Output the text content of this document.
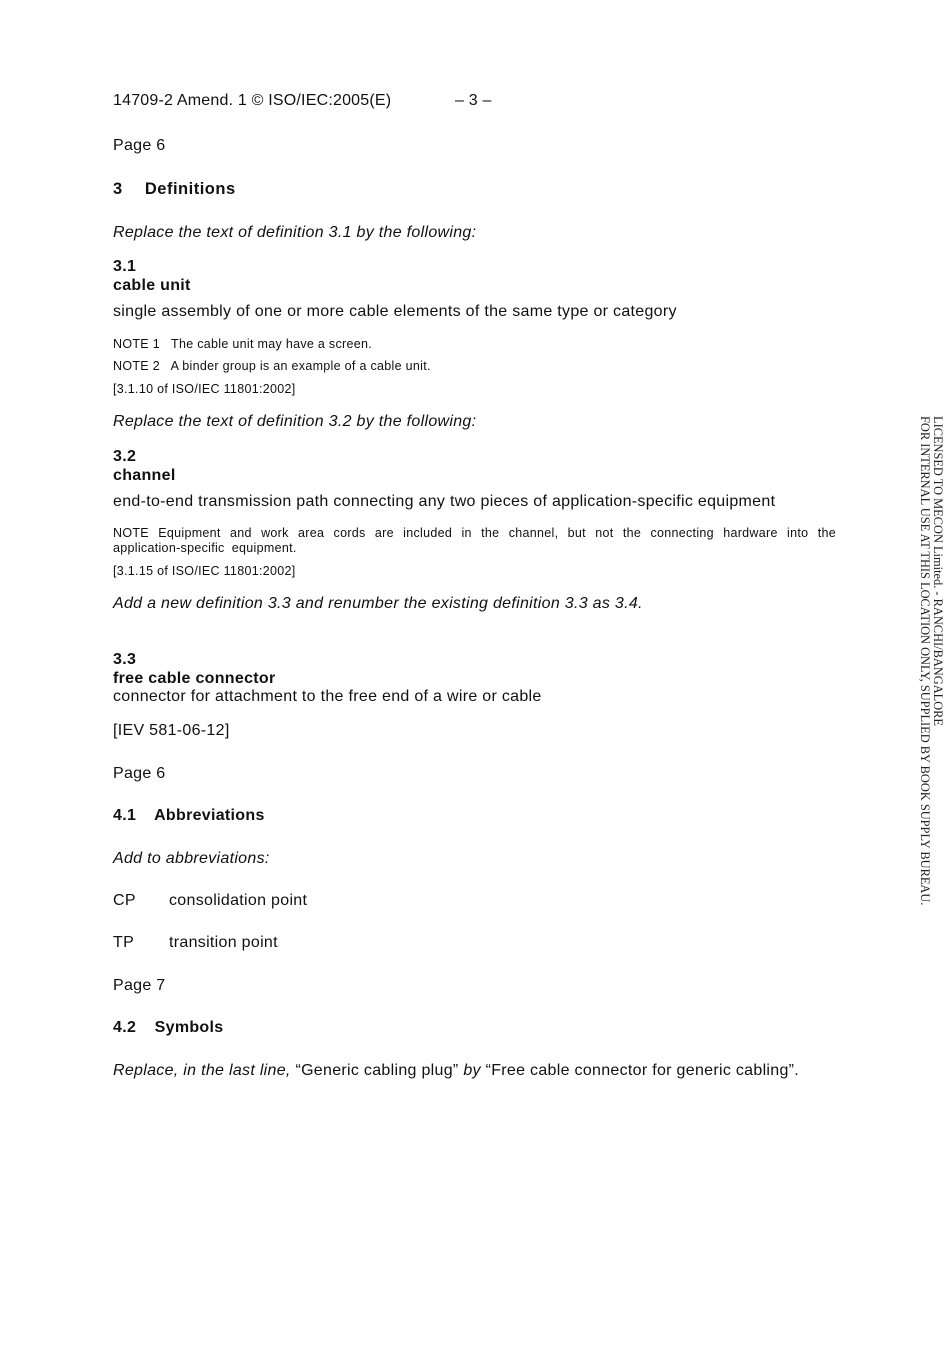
14709-2 Amend. 1 © ISO/IEC:2005(E)	– 3 –
Page 6
3 Definitions
Replace the text of definition 3.1 by the following:
3.1
cable unit
single assembly of one or more cable elements of the same type or category
NOTE 1   The cable unit may have a screen.
NOTE 2   A binder group is an example of a cable unit.
[3.1.10 of ISO/IEC 11801:2002]
Replace the text of definition 3.2 by the following:
3.2
channel
end-to-end transmission path connecting any two pieces of application-specific equipment
NOTE Equipment and work area cords are included in the channel, but not the connecting hardware into the application-specific equipment.
[3.1.15 of ISO/IEC 11801:2002]
Add a new definition 3.3 and renumber the existing definition 3.3 as 3.4.
3.3
free cable connector
connector for attachment to the free end of a wire or cable
[IEV 581-06-12]
Page 6
4.1 Abbreviations
Add to abbreviations:
CP consolidation point
TP transition point
Page 7
4.2 Symbols
Replace, in the last line, “Generic cabling plug” by “Free cable connector for generic cabling”.
LICENSED TO MECON Limited. - RANCHI/BANGALORE
FOR INTERNAL USE AT THIS LOCATION ONLY, SUPPLIED BY BOOK SUPPLY BUREAU.
